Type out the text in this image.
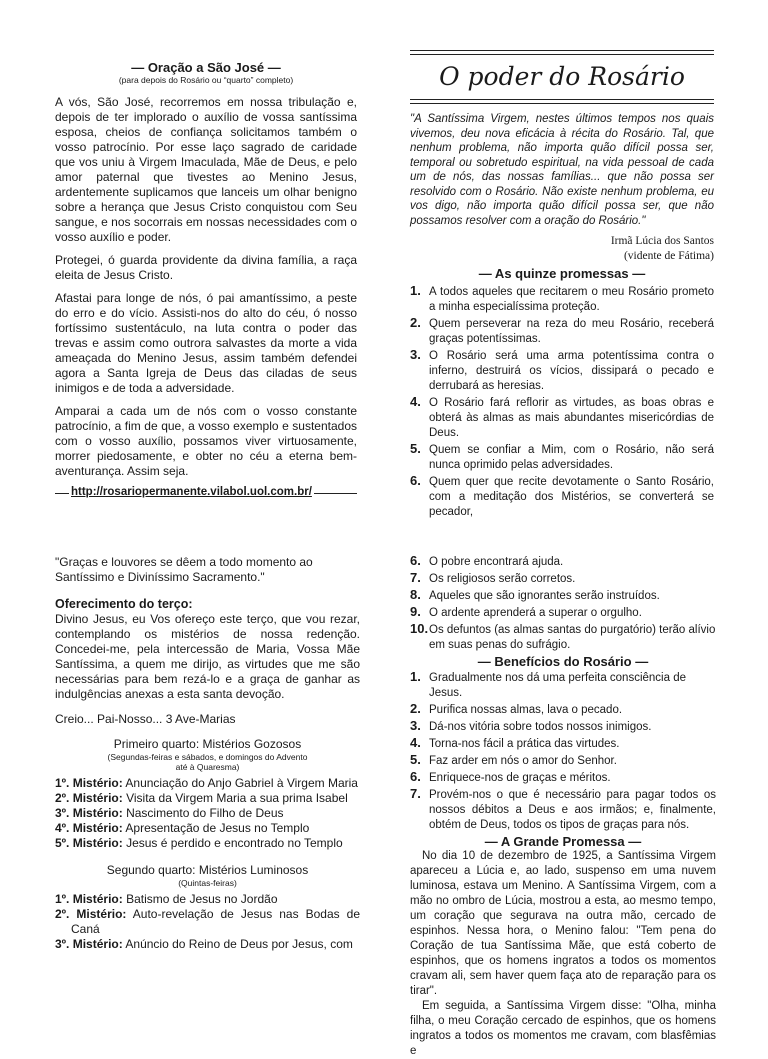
— Oração a São José —
(para depois do Rosário ou “quarto” completo)

A vós, São José, recorremos em nossa tribulação e, depois de ter implorado o auxílio de vossa santíssima esposa, cheios de confiança solicitamos também o vosso patrocínio. Por esse laço sagrado de caridade que vos uniu à Virgem Imaculada, Mãe de Deus, e pelo amor paternal que tivestes ao Menino Jesus, ardentemente suplicamos que lanceis um olhar benigno sobre a herança que Jesus Cristo conquistou com Seu sangue, e nos socorrais em nossas necessidades com o vosso auxílio e poder.

Protegei, ó guarda providente da divina família, a raça eleita de Jesus Cristo.

Afastai para longe de nós, ó pai amantíssimo, a peste do erro e do vício. Assisti-nos do alto do céu, ó nosso fortíssimo sustentáculo, na luta contra o poder das trevas e assim como outrora salvastes da morte a vida ameaçada do Menino Jesus, assim também defendei agora a Santa Igreja de Deus das ciladas de seus inimigos e de toda a adversidade.

Amparai a cada um de nós com o vosso constante patrocínio, a fim de que, a vosso exemplo e sustentados com o vosso auxílio, possamos viver virtuosamente, morrer piedosamente, e obter no céu a eterna bem-aventurança. Assim seja.

http://rosariopermanente.vilabol.uol.com.br/
O poder do Rosário

"A Santíssima Virgem, nestes últimos tempos nos quais vivemos, deu nova eficácia à récita do Rosário. Tal, que nenhum problema, não importa quão difícil possa ser, temporal ou sobretudo espiritual, na vida pessoal de cada um de nós, das nossas famílias... que não possa ser resolvido com o Rosário. Não existe nenhum problema, eu vos digo, não importa quão difícil possa ser, que não possamos resolver com a oração do Rosário."

Irmã Lúcia dos Santos
(vidente de Fátima)
— As quinze promessas —
1. A todos aqueles que recitarem o meu Rosário prometo a minha especialíssima proteção.
2. Quem perseverar na reza do meu Rosário, receberá graças potentíssimas.
3. O Rosário será uma arma potentíssima contra o inferno, destruirá os vícios, dissipará o pecado e derrubará as heresias.
4. O Rosário fará reflorir as virtudes, as boas obras e obterá às almas as mais abundantes misericórdias de Deus.
5. Quem se confiar a Mim, com o Rosário, não será nunca oprimido pelas adversidades.
6. Quem quer que recite devotamente o Santo Rosário, com a meditação dos Mistérios, se converterá se pecador,

"Graças e louvores se dêem a todo momento ao Santíssimo e Diviníssimo Sacramento."

Oferecimento do terço:

Divino Jesus, eu Vos ofereço este terço, que vou rezar, contemplando os mistérios de nossa redenção. Concedei-me, pela intercessão de Maria, Vossa Mãe Santíssima, a quem me dirijo, as virtudes que me são necessárias para bem rezá-lo e a graça de ganhar as indulgências anexas a esta santa devoção.

Creio... Pai-Nosso... 3 Ave-Marias

Primeiro quarto: Mistérios Gozosos
(Segundas-feiras e sábados, e domingos do Advento
até à Quaresma)
1º. Mistério: Anunciação do Anjo Gabriel à Virgem Maria
2º. Mistério: Visita da Virgem Maria a sua prima Isabel
3º. Mistério: Nascimento do Filho de Deus
4º. Mistério: Apresentação de Jesus no Templo
5º. Mistério: Jesus é perdido e encontrado no Templo
Segundo quarto: Mistérios Luminosos
(Quintas-feiras)
1º. Mistério: Batismo de Jesus no Jordão
2º. Mistério: Auto-revelação de Jesus nas Bodas de Caná
3º. Mistério: Anúncio do Reino de Deus por Jesus, com
6. O pobre encontrará ajuda.
7. Os religiosos serão corretos.
8. Aqueles que são ignorantes serão instruídos.
9. O ardente aprenderá a superar o orgulho.
10.Os defuntos (as almas santas do purgatório) terão alívio em suas penas do sufrágio.
— Benefícios do Rosário —
1. Gradualmente nos dá uma perfeita consciência de Jesus.
2. Purifica nossas almas, lava o pecado.
3. Dá-nos vitória sobre todos nossos inimigos.
4. Torna-nos fácil a prática das virtudes.
5. Faz arder em nós o amor do Senhor.
6. Enriquece-nos de graças e méritos.
7. Provém-nos o que é necessário para pagar todos os nossos débitos a Deus e aos irmãos; e, finalmente, obtém de Deus, todos os tipos de graças para nós.
— A Grande Promessa —

No dia 10 de dezembro de 1925, a Santíssima Virgem apareceu a Lúcia e, ao lado, suspenso em uma nuvem luminosa, estava um Menino. A Santíssima Virgem, com a mão no ombro de Lúcia, mostrou a esta, ao mesmo tempo, um coração que segurava na outra mão, cercado de espinhos. Nessa hora, o Menino falou: "Tem pena do Coração de tua Santíssima Mãe, que está coberto de espinhos, que os homens ingratos a todos os momentos cravam ali, sem haver quem faça ato de reparação para os tirar".

Em seguida, a Santíssima Virgem disse: "Olha, minha filha, o meu Coração cercado de espinhos, que os homens ingratos a todos os momentos me cravam, com blasfêmias e
